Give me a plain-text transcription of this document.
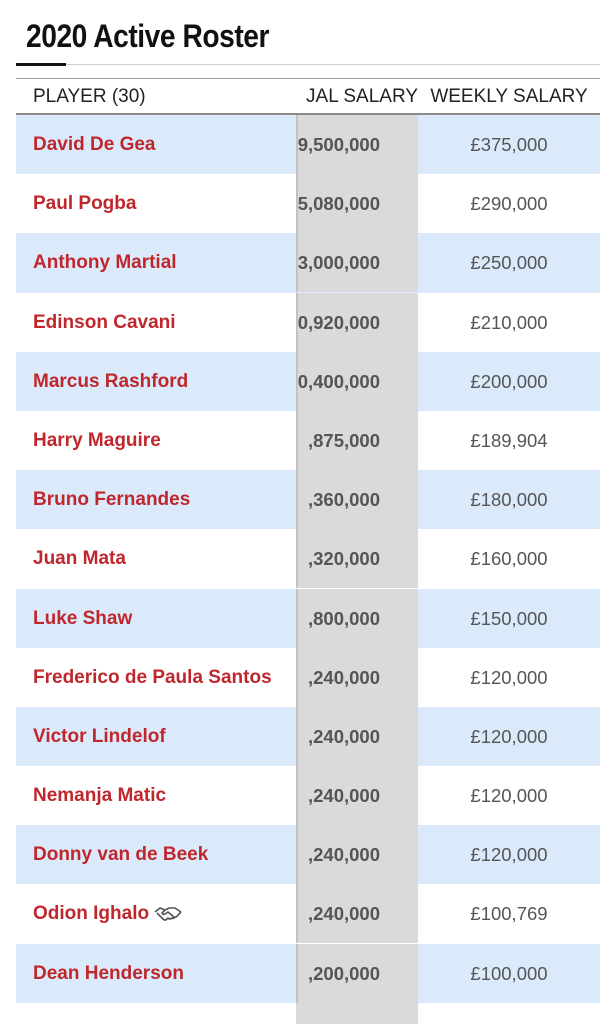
2020 Active Roster
PLAYER (30)	JAL SALARY WEEKLY SALARY
David De Gea	9,500,000	£375,000
Paul Pogba	5,080,000	£290,000
Anthony Martial	3,000,000	£250,000
Edinson Cavani	0,920,000	£210,000
Marcus Rashford	0,400,000	£200,000
Harry Maguire	,875,000	£189,904
Bruno Fernandes	,360,000	£180,000
Juan Mata	,320,000	£160,000
Luke Shaw	,800,000	£150,000
Frederico de Paula Santos ,240,000	£120,000
Victor Lindelof	,240,000	£120,000
Nemanja Matic	,240,000	£120,000
Donny van de Beek	,240,000	£120,000
Odion Ighalo	,240,000	£100,769
Dean Henderson	,200,000	£100,000
